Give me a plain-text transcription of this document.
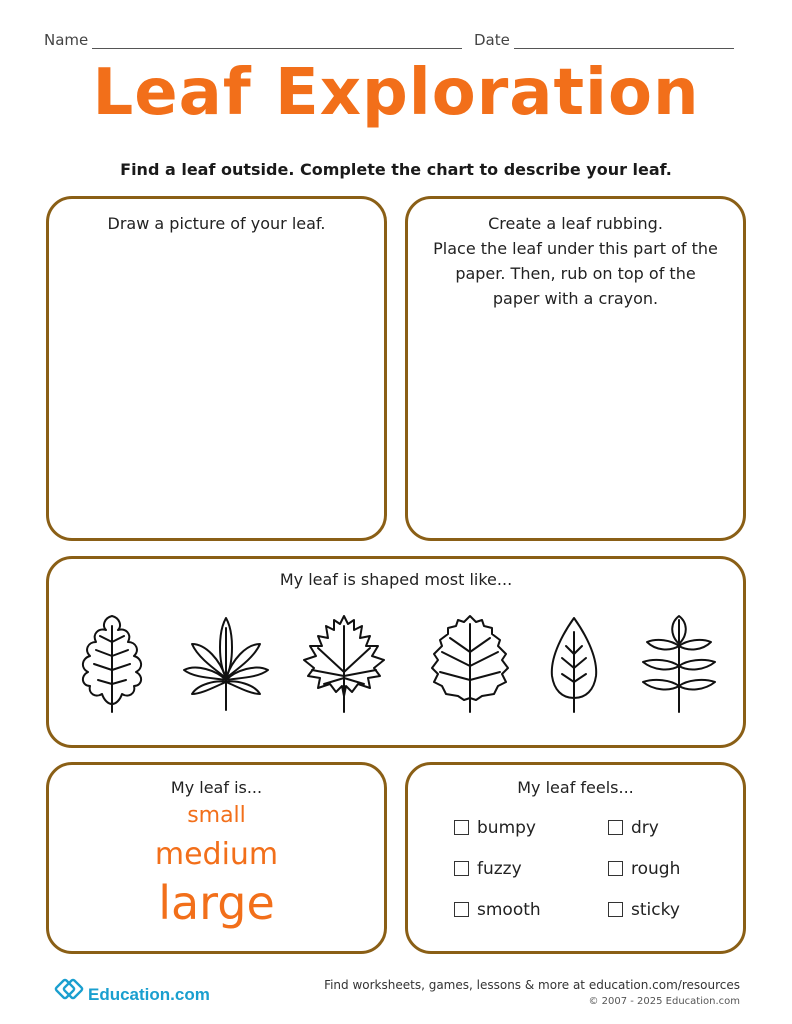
Name	Date
Leaf Exploration
Find a leaf outside. Complete the chart to describe your leaf.
Draw a picture of your leaf.	Create a leaf rubbing.
Place the leaf under this part of the
paper. Then, rub on top of the
paper with a crayon.
My leaf is shaped most like...
My leaf is...
small
medium
large
My leaf feels...
bumpy	dry
fuzzy	rough
smooth	sticky
Education.com	Find worksheets, games, lessons & more at education.com/resources
© 2007 - 2025 Education.com
